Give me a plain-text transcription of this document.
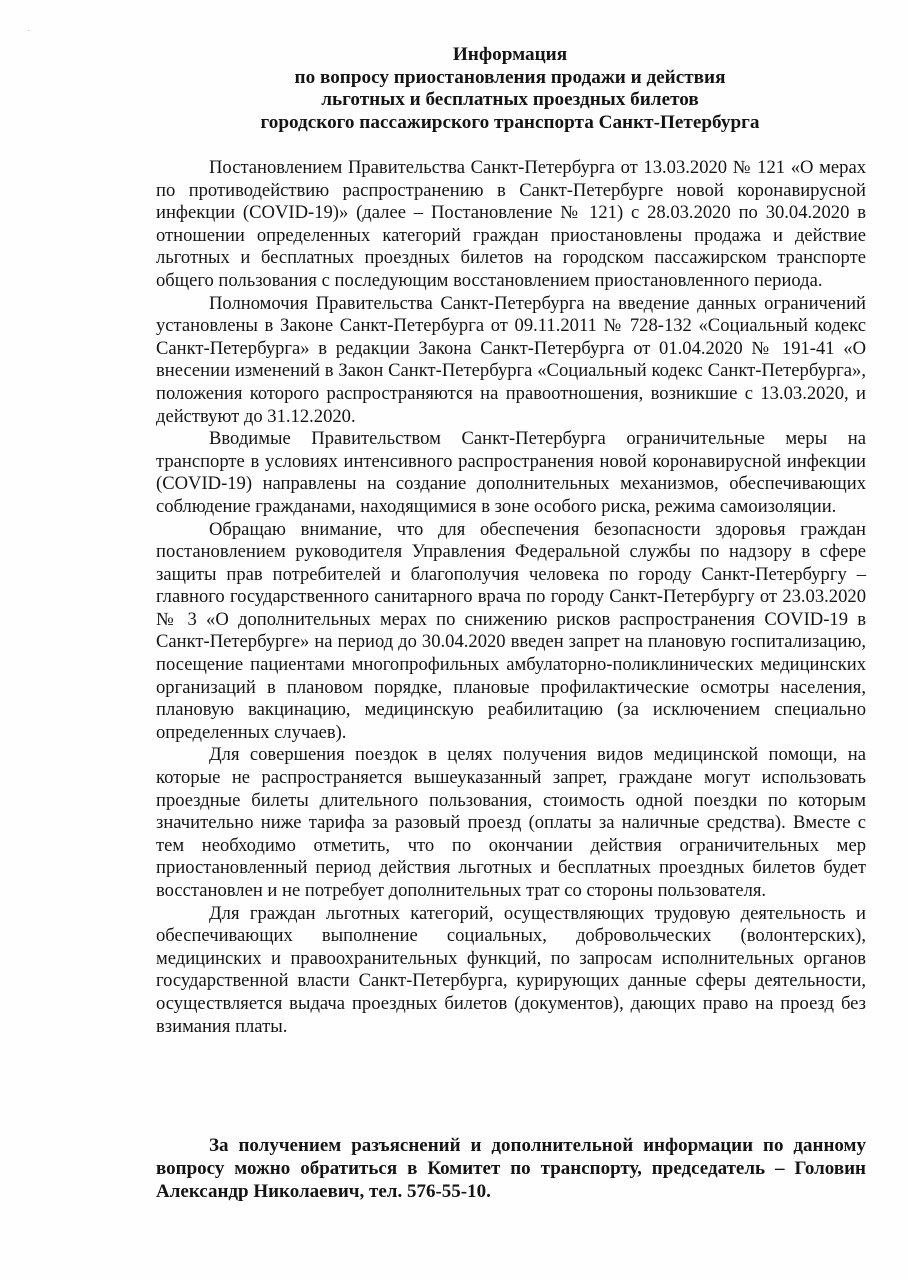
Информация
по вопросу приостановления продажи и действия
льготных и бесплатных проездных билетов
городского пассажирского транспорта Санкт-Петербурга

Постановлением Правительства Санкт-Петербурга от 13.03.2020 № 121 «О мерах по противодействию распространению в Санкт-Петербурге новой коронавирусной инфекции (COVID-19)» (далее – Постановление № 121) с 28.03.2020 по 30.04.2020 в отношении определенных категорий граждан приостановлены продажа и действие льготных и бесплатных проездных билетов на городском пассажирском транспорте общего пользования с последующим восстановлением приостановленного периода.

Полномочия Правительства Санкт-Петербурга на введение данных ограничений установлены в Законе Санкт-Петербурга от 09.11.2011 № 728-132 «Социальный кодекс Санкт-Петербурга» в редакции Закона Санкт-Петербурга от 01.04.2020 № 191-41 «О внесении изменений в Закон Санкт-Петербурга «Социальный кодекс Санкт-Петербурга», положения которого распространяются на правоотношения, возникшие с 13.03.2020, и действуют до 31.12.2020.

Вводимые Правительством Санкт-Петербурга ограничительные меры на транспорте в условиях интенсивного распространения новой коронавирусной инфекции (COVID-19) направлены на создание дополнительных механизмов, обеспечивающих соблюдение гражданами, находящимися в зоне особого риска, режима самоизоляции.

Обращаю внимание, что для обеспечения безопасности здоровья граждан постановлением руководителя Управления Федеральной службы по надзору в сфере защиты прав потребителей и благополучия человека по городу Санкт-Петербургу – главного государственного санитарного врача по городу Санкт-Петербургу от 23.03.2020 № 3 «О дополнительных мерах по снижению рисков распространения COVID-19 в Санкт-Петербурге» на период до 30.04.2020 введен запрет на плановую госпитализацию, посещение пациентами многопрофильных амбулаторно-поликлинических медицинских организаций в плановом порядке, плановые профилактические осмотры населения, плановую вакцинацию, медицинскую реабилитацию (за исключением специально определенных случаев).

Для совершения поездок в целях получения видов медицинской помощи, на которые не распространяется вышеуказанный запрет, граждане могут использовать проездные билеты длительного пользования, стоимость одной поездки по которым значительно ниже тарифа за разовый проезд (оплаты за наличные средства). Вместе с тем необходимо отметить, что по окончании действия ограничительных мер приостановленный период действия льготных и бесплатных проездных билетов будет восстановлен и не потребует дополнительных трат со стороны пользователя.

Для граждан льготных категорий, осуществляющих трудовую деятельность и обеспечивающих выполнение социальных, добровольческих (волонтерских), медицинских и правоохранительных функций, по запросам исполнительных органов государственной власти Санкт-Петербурга, курирующих данные сферы деятельности, осуществляется выдача проездных билетов (документов), дающих право на проезд без взимания платы.

За получением разъяснений и дополнительной информации по данному вопросу можно обратиться в Комитет по транспорту, председатель – Головин Александр Николаевич, тел. 576-55-10.
